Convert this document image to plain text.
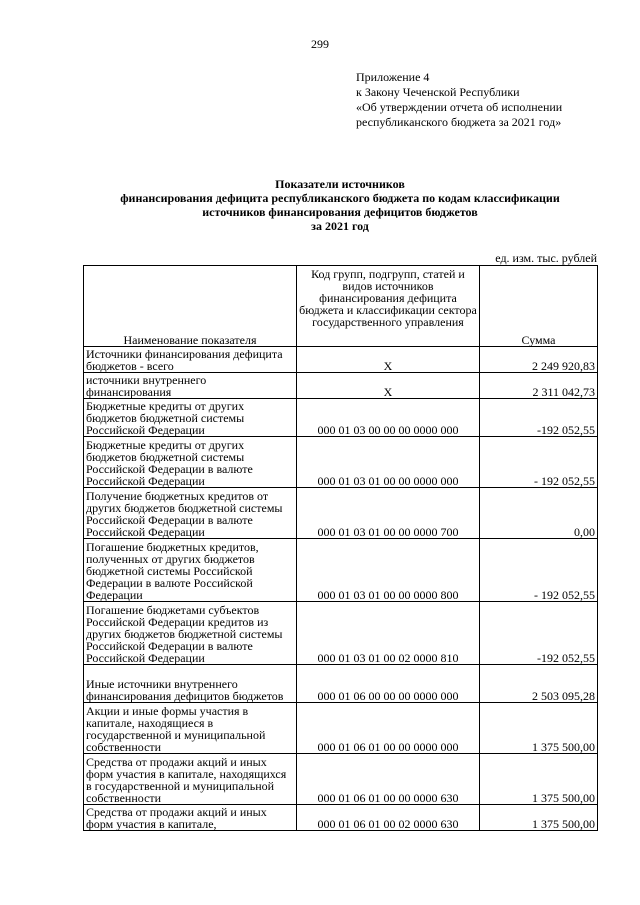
299
Приложение 4
к Закону Чеченской Республики
«Об утверждении отчета об исполнении
республиканского бюджета за 2021 год»
Показатели источников
финансирования дефицита республиканского бюджета по кодам классификации
источников финансирования дефицитов бюджетов
за 2021 год
ед. изм. тыс. рублей
Наименование показателя	Код групп, подгрупп, статей и видов источников финансирования дефицита бюджета и классификации сектора государственного управления	Сумма
Источники финансирования дефицита бюджетов - всего	Х	2 249 920,83
источники внутреннего финансирования	Х	2 311 042,73
Бюджетные кредиты от других бюджетов бюджетной системы Российской Федерации	000 01 03 00 00 00 0000 000	-192 052,55
Бюджетные кредиты от других бюджетов бюджетной системы Российской Федерации в валюте Российской Федерации	000 01 03 01 00 00 0000 000	- 192 052,55
Получение бюджетных кредитов от других бюджетов бюджетной системы Российской Федерации в валюте Российской Федерации	000 01 03 01 00 00 0000 700	0,00
Погашение бюджетных кредитов, полученных от других бюджетов бюджетной системы Российской Федерации в валюте Российской Федерации	000 01 03 01 00 00 0000 800	- 192 052,55
Погашение бюджетами субъектов Российской Федерации кредитов из других бюджетов бюджетной системы Российской Федерации в валюте Российской Федерации	000 01 03 01 00 02 0000 810	-192 052,55
Иные источники внутреннего финансирования дефицитов бюджетов	000 01 06 00 00 00 0000 000	2 503 095,28
Акции и иные формы участия в капитале, находящиеся в государственной и муниципальной собственности	000 01 06 01 00 00 0000 000	1 375 500,00
Средства от продажи акций и иных форм участия в капитале, находящихся в государственной и муниципальной собственности	000 01 06 01 00 00 0000 630	1 375 500,00
Средства от продажи акций и иных форм участия в капитале,	000 01 06 01 00 02 0000 630	1 375 500,00
